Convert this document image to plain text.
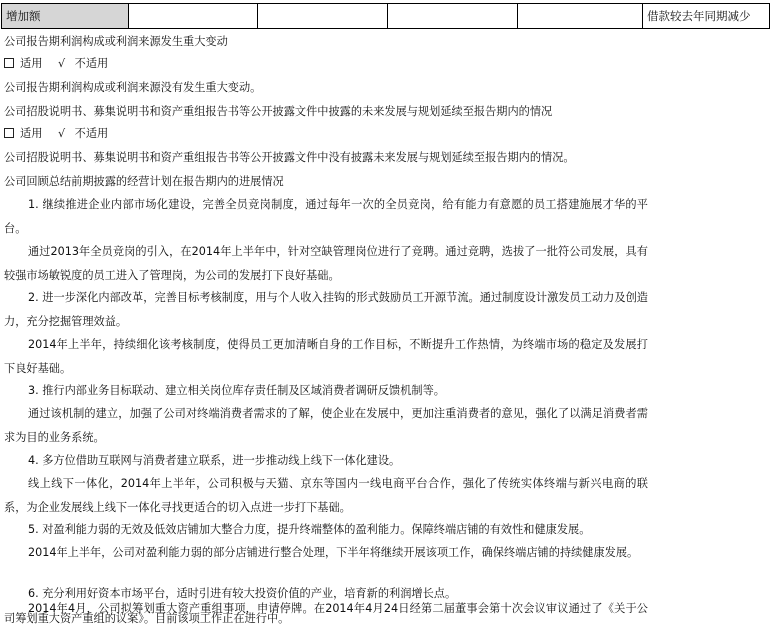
增加额					借款较去年同期减少
公司报告期利润构成或利润来源发生重大变动
适用 √ 不适用
公司报告期利润构成或利润来源没有发生重大变动。
公司招股说明书、募集说明书和资产重组报告书等公开披露文件中披露的未来发展与规划延续至报告期内的情况
适用 √ 不适用
公司招股说明书、募集说明书和资产重组报告书等公开披露文件中没有披露未来发展与规划延续至报告期内的情况。
公司回顾总结前期披露的经营计划在报告期内的进展情况
1. 继续推进企业内部市场化建设，完善全员竞岗制度，通过每年一次的全员竞岗，给有能力有意愿的员工搭建施展才华的平台。
通过2013年全员竞岗的引入，在2014年上半年中，针对空缺管理岗位进行了竞聘。通过竞聘，选拔了一批符公司发展，具有较强市场敏锐度的员工进入了管理岗，为公司的发展打下良好基础。
2. 进一步深化内部改革，完善目标考核制度，用与个人收入挂钩的形式鼓励员工开源节流。通过制度设计激发员工动力及创造力，充分挖掘管理效益。
2014年上半年，持续细化该考核制度，使得员工更加清晰自身的工作目标，不断提升工作热情，为终端市场的稳定及发展打下良好基础。
3. 推行内部业务目标联动、建立相关岗位库存责任制及区域消费者调研反馈机制等。
通过该机制的建立，加强了公司对终端消费者需求的了解，使企业在发展中，更加注重消费者的意见，强化了以满足消费者需求为目的业务系统。
4. 多方位借助互联网与消费者建立联系，进一步推动线上线下一体化建设。
线上线下一体化，2014年上半年，公司积极与天猫、京东等国内一线电商平台合作，强化了传统实体终端与新兴电商的联系，为企业发展线上线下一体化寻找更适合的切入点进一步打下基础。
5. 对盈利能力弱的无效及低效店铺加大整合力度，提升终端整体的盈利能力。保障终端店铺的有效性和健康发展。
2014年上半年，公司对盈利能力弱的部分店铺进行整合处理，下半年将继续开展该项工作，确保终端店铺的持续健康发展。
6. 充分利用好资本市场平台，适时引进有较大投资价值的产业，培育新的利润增长点。
2014年4月，公司拟筹划重大资产重组事项，申请停牌。在2014年4月24日经第二届董事会第十次会议审议通过了《关于公司筹划重大资产重组的议案》。目前该项工作正在进行中。
